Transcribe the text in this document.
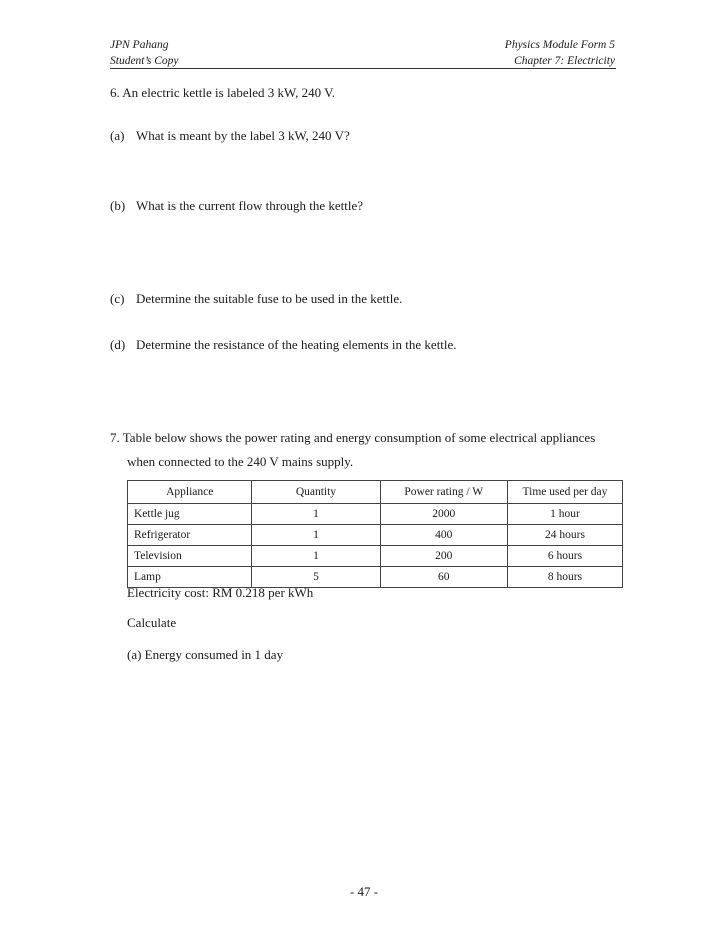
JPN Pahang
Student’s Copy
Physics Module Form 5
Chapter 7: Electricity
6. An electric kettle is labeled 3 kW, 240 V.
(a) What is meant by the label 3 kW, 240 V?
(b) What is the current flow through the kettle?
(c) Determine the suitable fuse to be used in the kettle.
(d) Determine the resistance of the heating elements in the kettle.
7. Table below shows the power rating and energy consumption of some electrical appliances
when connected to the 240 V mains supply.
Appliance	Quantity	Power rating / W	Time used per day
Kettle jug	1	2000	1 hour
Refrigerator	1	400	24 hours
Television	1	200	6 hours
Lamp	5	60	8 hours
Electricity cost: RM 0.218 per kWh
Calculate
(a) Energy consumed in 1 day
- 47 -
